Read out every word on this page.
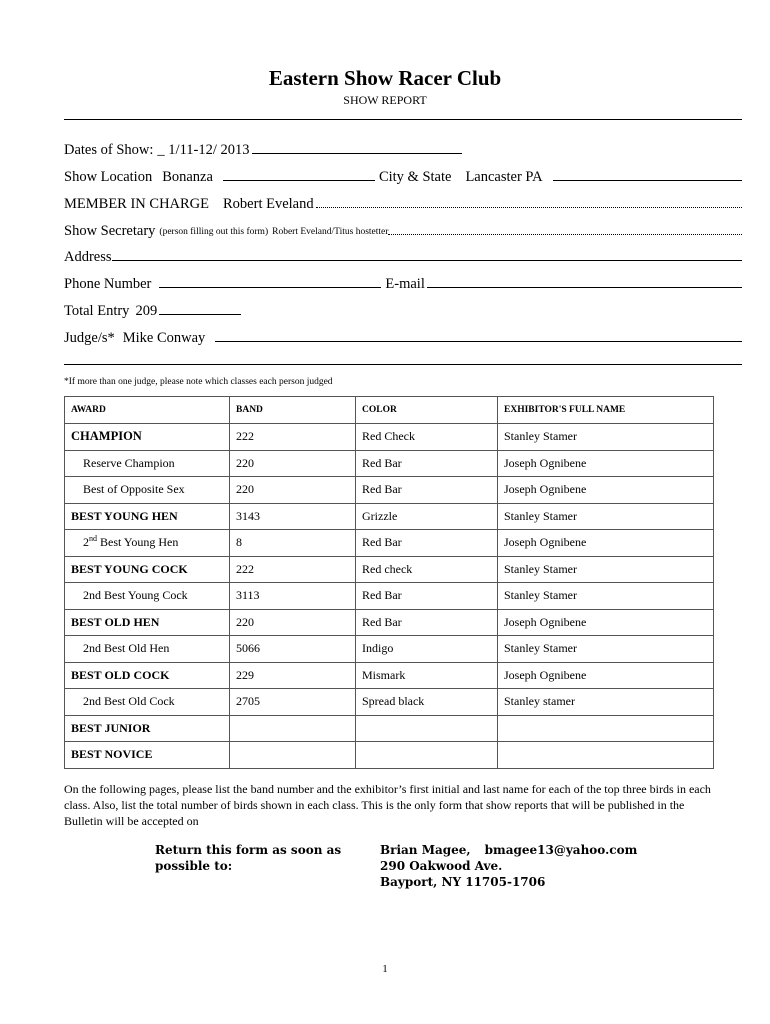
Eastern Show Racer Club
SHOW REPORT
Dates of Show: _ 1/11-12/ 2013
Show Location Bonanza	City & State Lancaster PA
MEMBER IN CHARGE Robert Eveland
Show Secretary (person filling out this form) Robert Eveland/Titus hostetter
Address
Phone Number	E-mail
Total Entry 209
Judge/s* Mike Conway
*If more than one judge, please note which classes each person judged
AWARD	BAND	COLOR	EXHIBITOR'S FULL NAME
CHAMPION	222	Red Check	Stanley Stamer
Reserve Champion	220	Red Bar	Joseph Ognibene
Best of Opposite Sex	220	Red Bar	Joseph Ognibene
BEST YOUNG HEN	3143	Grizzle	Stanley Stamer
2nd Best Young Hen	8	Red Bar	Joseph Ognibene
BEST YOUNG COCK	222	Red check	Stanley Stamer
2nd Best Young Cock	3113	Red Bar	Stanley Stamer
BEST OLD HEN	220	Red Bar	Joseph Ognibene
2nd Best Old Hen	5066	Indigo	Stanley Stamer
BEST OLD COCK	229	Mismark	Joseph Ognibene
2nd Best Old Cock	2705	Spread black	Stanley stamer
BEST JUNIOR			
BEST NOVICE			
On the following pages, please list the band number and the exhibitor’s first initial and last name for each of the top three birds in each class. Also, list the total number of birds shown in each class. This is the only form that show reports that will be published in the Bulletin will be accepted on
Return this form as soon as possible to:
Brian Magee, bmagee13@yahoo.com
290 Oakwood Ave.
Bayport, NY 11705-1706
1
